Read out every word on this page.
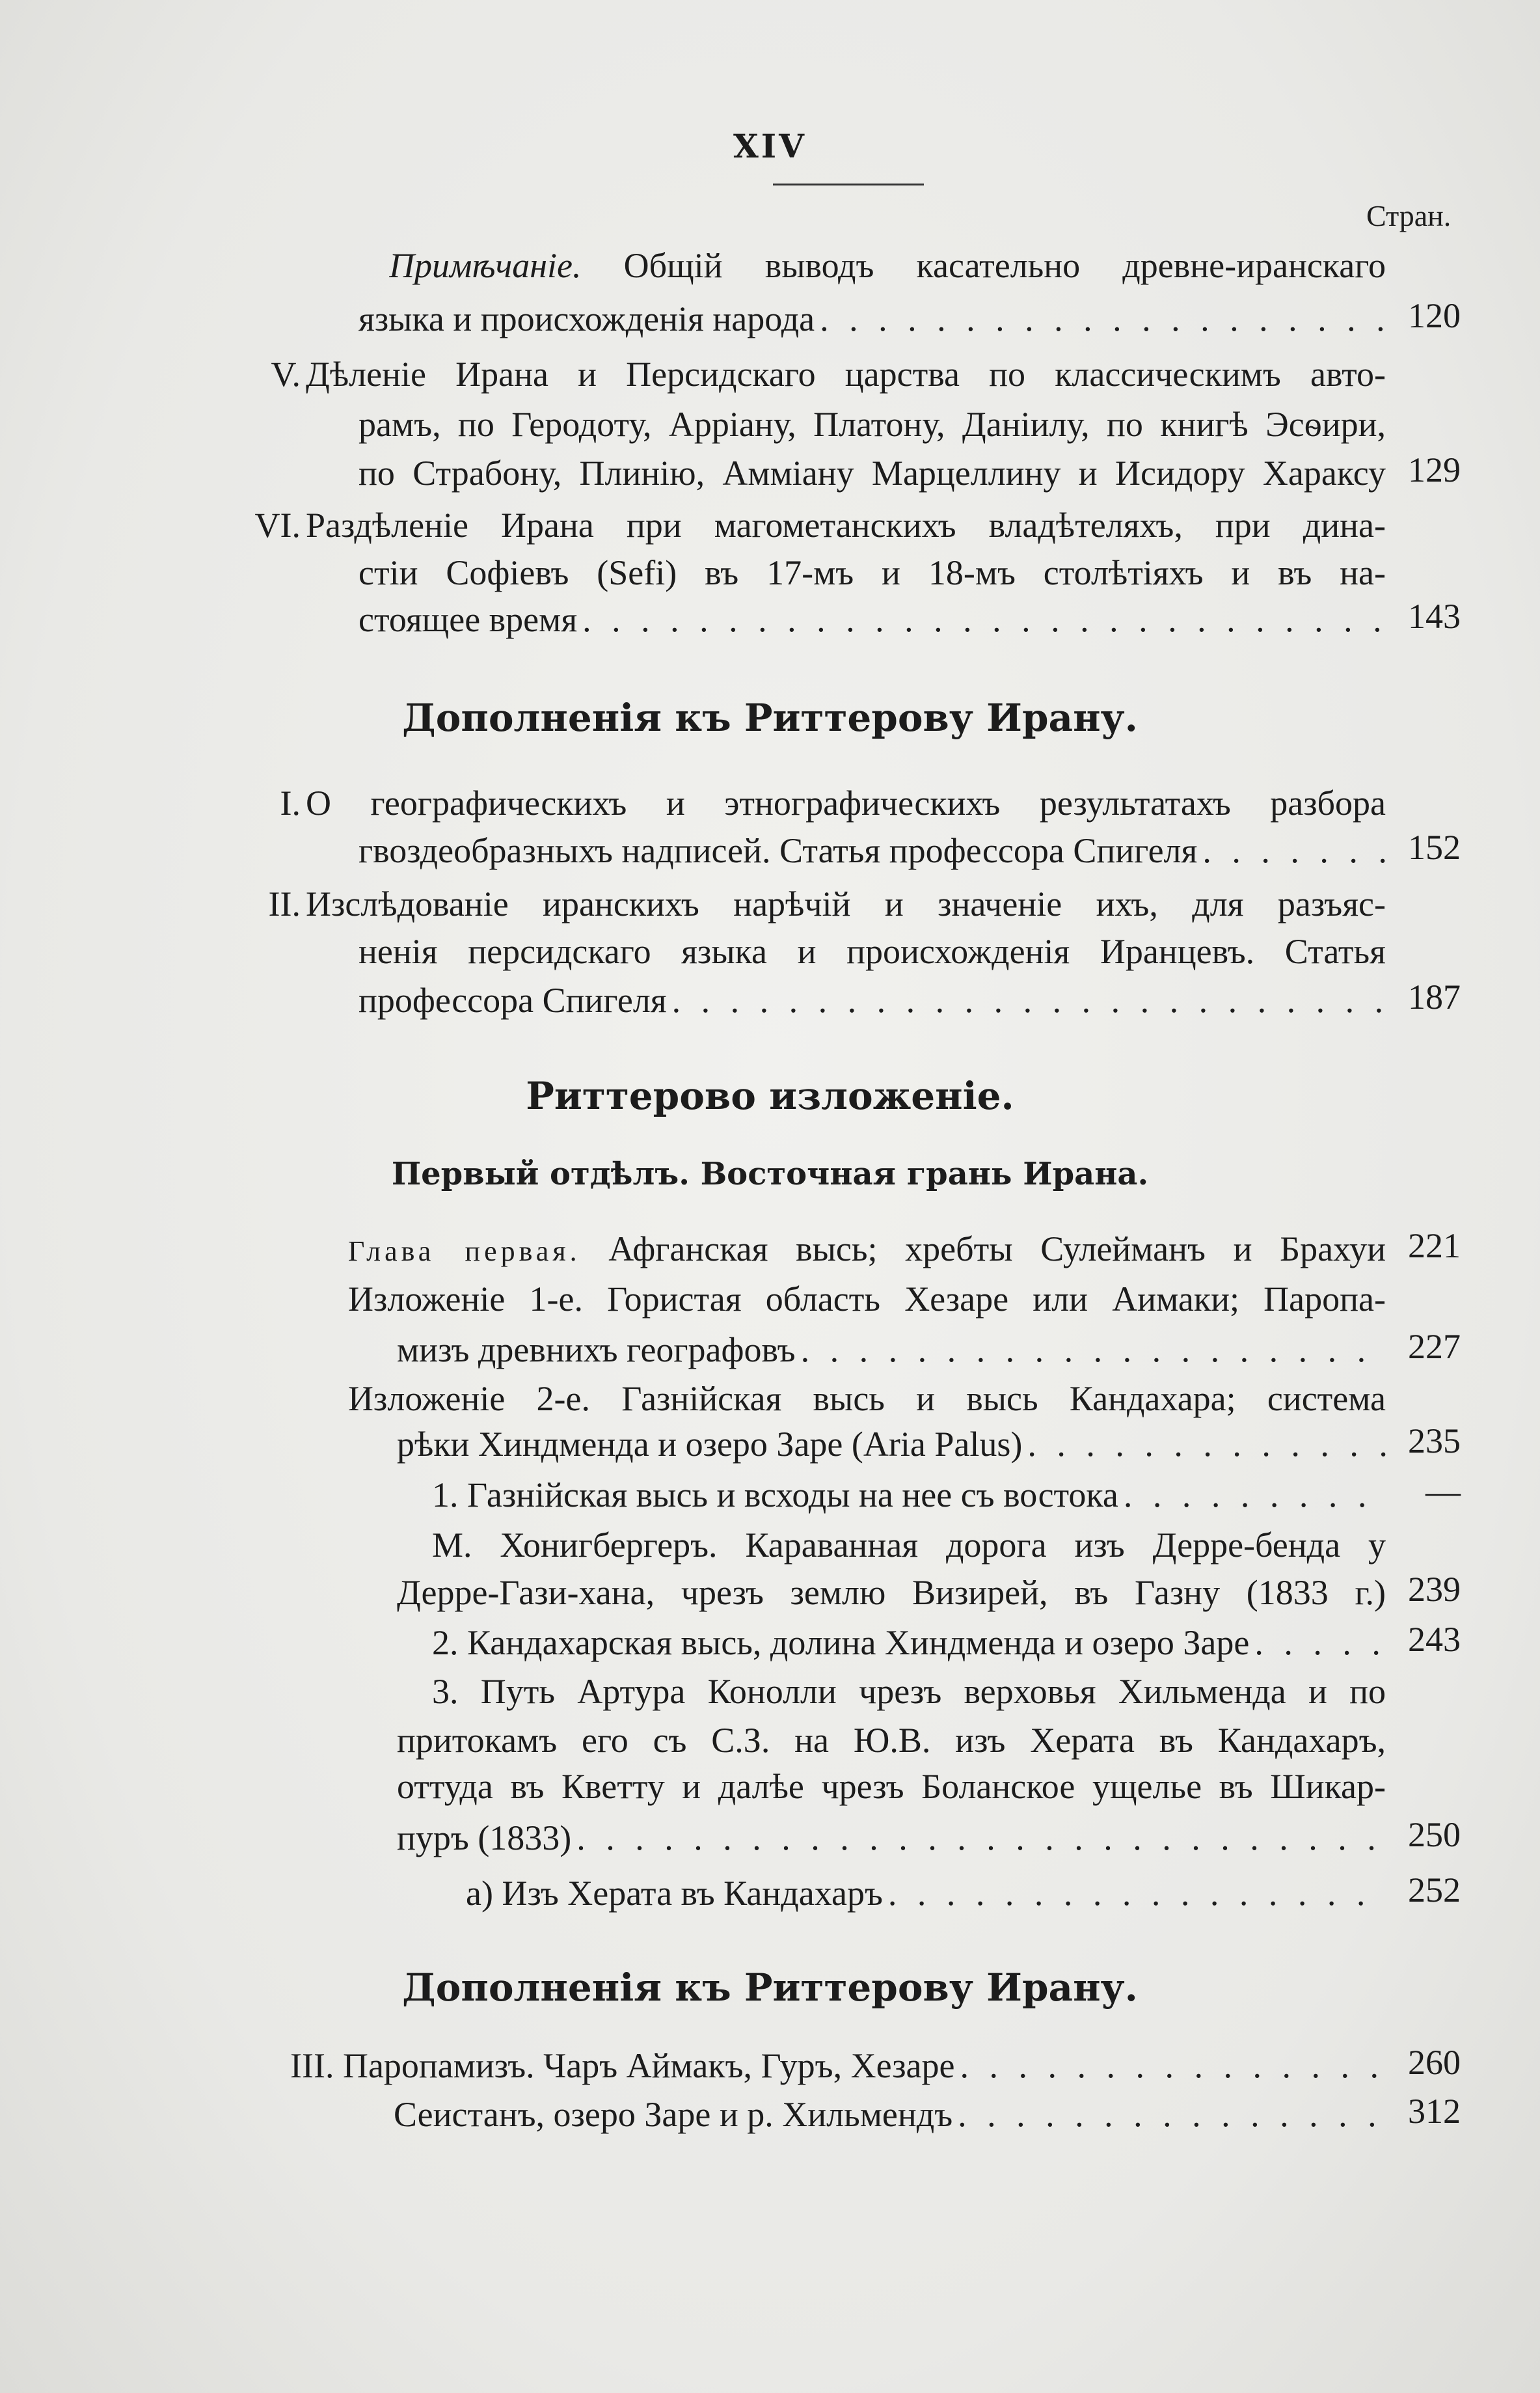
XIV
Стран.
Дополненія къ Риттерову Ирану.
Риттерово изложеніе.
Первый отдѣлъ. Восточная грань Ирана.
Дополненія къ Риттерову Ирану.
Примѣчаніе. Общій выводъ касательно древне-иранскаго
языка и происхожденія народа . . .	120
V. Дѣленіе Ирана и Персидскаго царства по классическимъ авто-
рамъ, по Геродоту, Арріану, Платону, Даніилу, по книгѣ Эсѳири,
по Страбону, Плинію, Амміану Марцеллину и Исидору Хараксу 129
VI. Раздѣленіе Ирана при магометанскихъ владѣтеляхъ, при дина-
стіи Софіевъ (Sefi) въ 17-мъ и 18-мъ столѣтіяхъ и въ на-
стоящее время . . .	143
I. О географическихъ и этнографическихъ результатахъ разбора
гвоздеобразныхъ надписей. Статья профессора Спигеля . . .	152
II. Изслѣдованіе иранскихъ нарѣчій и значеніе ихъ, для разъяс-
ненія персидскаго языка и происхожденія Иранцевъ. Статья
профессора Спигеля . . .	187
Глава первая. Афганская высь; хребты Сулейманъ и Брахуи 221
Изложеніе 1-е. Гористая область Хезаре или Аимаки; Паропа-
мизъ древнихъ географовъ . . .	227
Изложеніе 2-е. Газнійская высь и высь Кандахара; система
рѣки Хиндменда и озеро Заре (Aria Palus) . . .	235
1. Газнійская высь и всходы на нее съ востока . . .	—
М. Хонигбергеръ. Караванная дорога изъ Дерре-бенда у
Дерре-Гази-хана, чрезъ землю Визирей, въ Газну (1833 г.) 239
2. Кандахарская высь, долина Хиндменда и озеро Заре . . .	243
3. Путь Артура Конолли чрезъ верховья Хильменда и по
притокамъ его съ С.З. на Ю.В. изъ Херата въ Кандахаръ,
оттуда въ Кветту и далѣе чрезъ Боланское ущелье въ Шикар-
пуръ (1833) . . .	250
а) Изъ Херата въ Кандахаръ . . .	252
III. Паропамизъ. Чаръ Аймакъ, Гуръ, Хезаре . . .	260
Сеистанъ, озеро Заре и р. Хильмендъ . . .	312
